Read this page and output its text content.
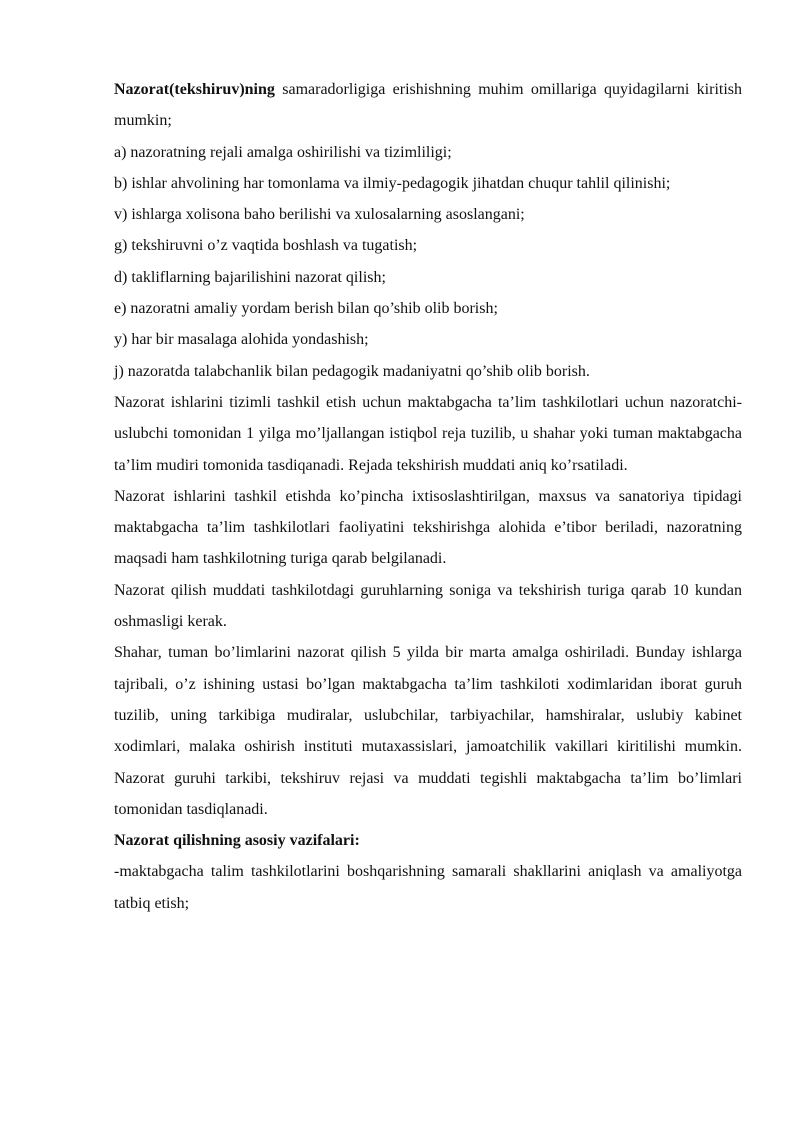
Nazorat(tekshiruv)ning samaradorligiga erishishning muhim omillariga quyidagilarni kiritish mumkin;

a) nazoratning rejali amalga oshirilishi va tizimliligi;

b) ishlar ahvolining har tomonlama va ilmiy-pedagogik jihatdan chuqur tahlil qilinishi;

v) ishlarga xolisona baho berilishi va xulosalarning asoslangani;

g) tekshiruvni o’z vaqtida boshlash va tugatish;

d) takliflarning bajarilishini nazorat qilish;

e) nazoratni amaliy yordam berish bilan qo’shib olib borish;

y) har bir masalaga alohida yondashish;

j) nazoratda talabchanlik bilan pedagogik madaniyatni qo’shib olib borish.

Nazorat ishlarini tizimli tashkil etish uchun maktabgacha ta’lim tashkilotlari uchun nazoratchi-uslubchi tomonidan 1 yilga mo’ljallangan istiqbol reja tuzilib, u shahar yoki tuman maktabgacha ta’lim mudiri tomonida tasdiqanadi. Rejada tekshirish muddati aniq ko’rsatiladi.

Nazorat ishlarini tashkil etishda ko’pincha ixtisoslashtirilgan, maxsus va sanatoriya tipidagi maktabgacha ta’lim tashkilotlari faoliyatini tekshirishga alohida e’tibor beriladi, nazoratning maqsadi ham tashkilotning turiga qarab belgilanadi.

Nazorat qilish muddati tashkilotdagi guruhlarning soniga va tekshirish turiga qarab 10 kundan oshmasligi kerak.

Shahar, tuman bo’limlarini nazorat qilish 5 yilda bir marta amalga oshiriladi. Bunday ishlarga tajribali, o’z ishining ustasi bo’lgan maktabgacha ta’lim tashkiloti xodimlaridan iborat guruh tuzilib, uning tarkibiga mudiralar, uslubchilar, tarbiyachilar, hamshiralar, uslubiy kabinet xodimlari, malaka oshirish instituti mutaxassislari, jamoatchilik vakillari kiritilishi mumkin. Nazorat guruhi tarkibi, tekshiruv rejasi va muddati tegishli maktabgacha ta’lim bo’limlari tomonidan tasdiqlanadi.

Nazorat qilishning asosiy vazifalari:

-maktabgacha talim tashkilotlarini boshqarishning samarali shakllarini aniqlash va amaliyotga tatbiq etish;
